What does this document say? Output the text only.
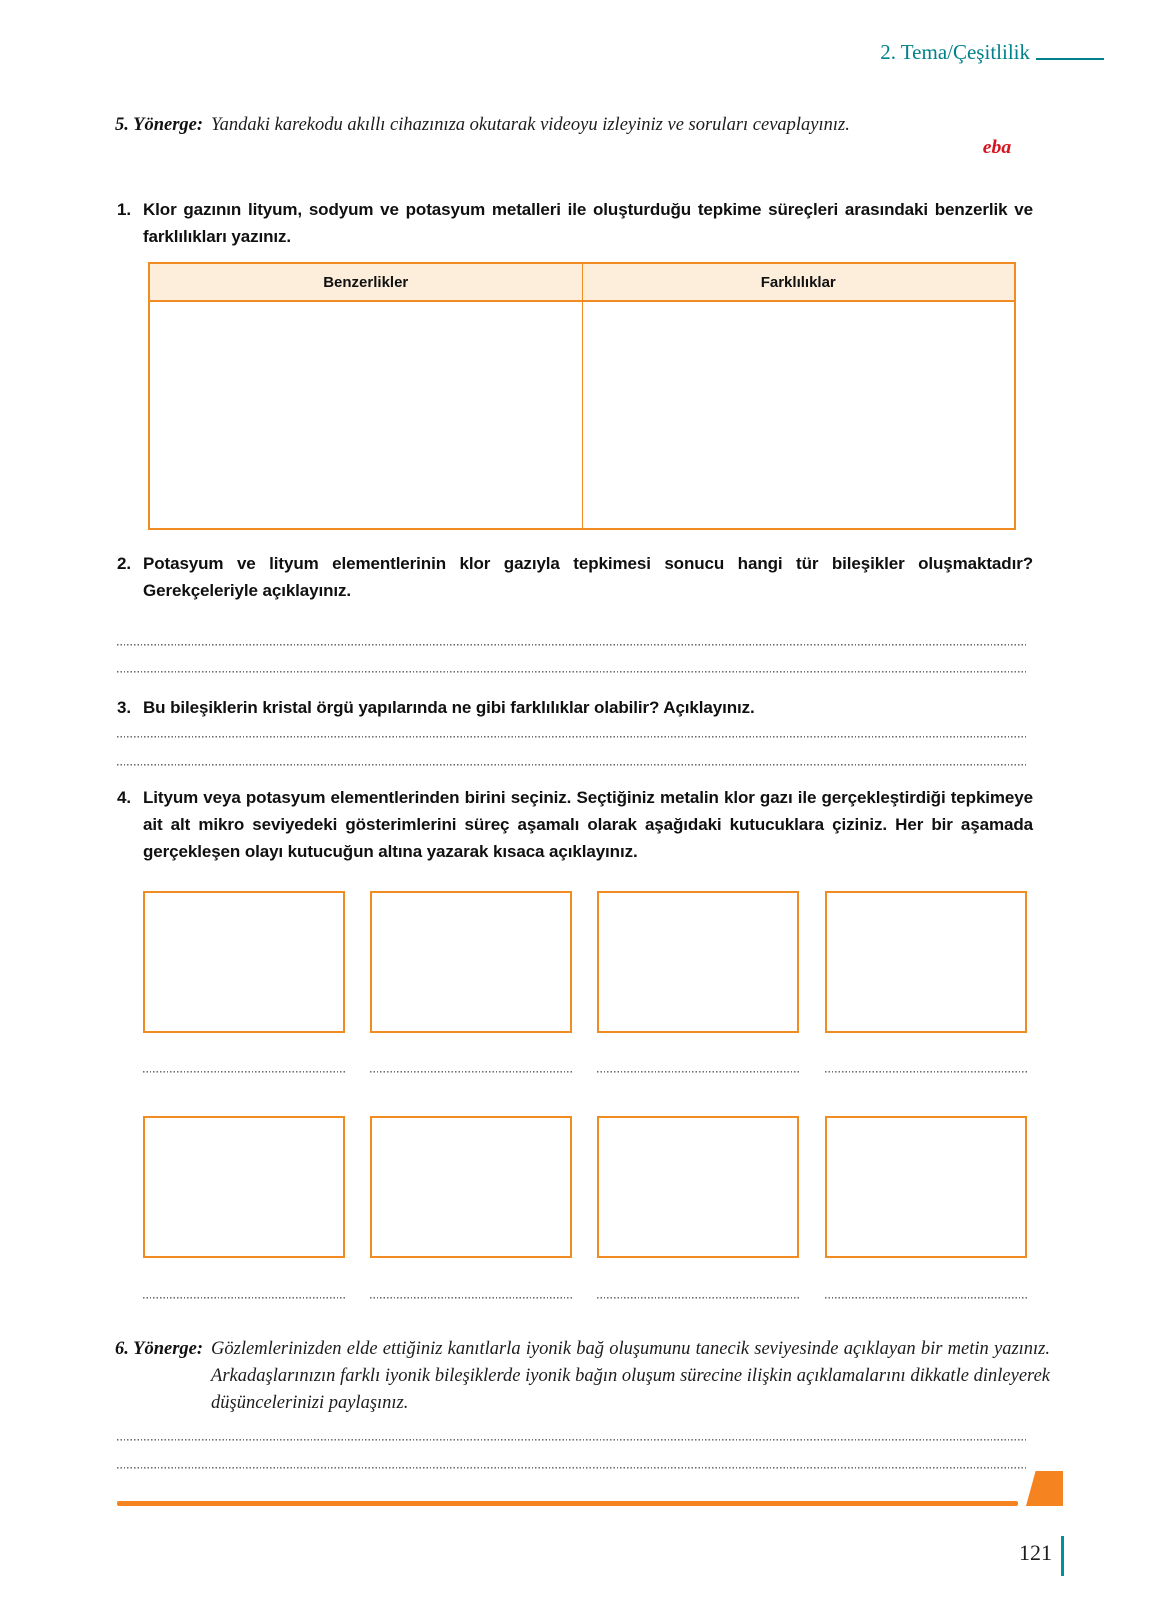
2. Tema/Çeşitlilik
5. Yönerge: Yandaki karekodu akıllı cihazınıza okutarak videoyu izleyiniz ve soruları cevaplayınız.

eba
1. Klor gazının lityum, sodyum ve potasyum metalleri ile oluşturduğu tepkime süreçleri arasındaki benzerlik ve farklılıkları yazınız.

Benzerlikler	Farklılıklar
2. Potasyum ve lityum elementlerinin klor gazıyla tepkimesi sonucu hangi tür bileşikler oluşmaktadır? Gerekçeleriyle açıklayınız.

3. Bu bileşiklerin kristal örgü yapılarında ne gibi farklılıklar olabilir? Açıklayınız.

4. Lityum veya potasyum elementlerinden birini seçiniz. Seçtiğiniz metalin klor gazı ile gerçekleştirdiği tepkimeye ait alt mikro seviyedeki gösterimlerini süreç aşamalı olarak aşağıdaki kutucuklara çiziniz. Her bir aşamada gerçekleşen olayı kutucuğun altına yazarak kısaca açıklayınız.

6. Yönerge: Gözlemlerinizden elde ettiğiniz kanıtlarla iyonik bağ oluşumunu tanecik seviyesinde açıklayan bir metin yazınız. Arkadaşlarınızın farklı iyonik bileşiklerde iyonik bağın oluşum sürecine ilişkin açıklamalarını dikkatle dinleyerek düşüncelerinizi paylaşınız.

121
